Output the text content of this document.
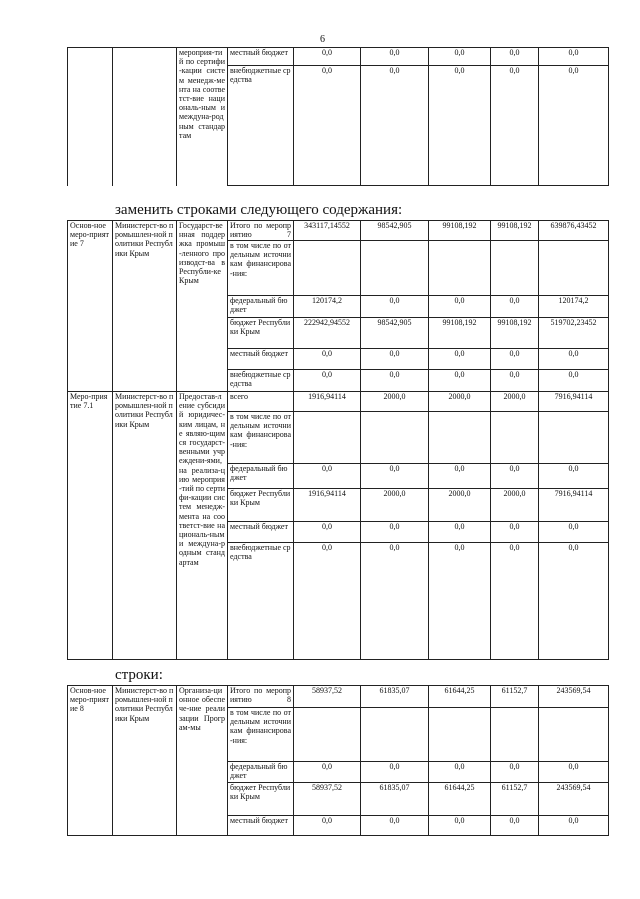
6
		мероприя-тий по сертифи-кации систем менедж-мента на соответст-вие националь-ным и междуна-родным стандартам	местный бюджет	0,0	0,0	0,0	0,0	0,0
			внебюджетные средства	0,0	0,0	0,0	0,0	0,0
заменить строками следующего содержания:
Основ-ное меро-приятие 7	Министерст-во промышлен-ной политики Республики Крым	Государст-венная поддержка промыш-ленного производст-ва в Республи-ке Крым	Итого по мероприятию 7	343117,14552	98542,905	99108,192	99108,192	639876,43452
			в том числе по отдельным источникам финансирова-ния:					
			федеральный бюджет	120174,2	0,0	0,0	0,0	120174,2
			бюджет Республики Крым	222942,94552	98542,905	99108,192	99108,192	519702,23452
			местный бюджет	0,0	0,0	0,0	0,0	0,0
			внебюджетные средства	0,0	0,0	0,0	0,0	0,0
Меро-приятие 7.1	Министерст-во промышлен-ной политики Республики Крым	Предостав-ление субсидий юридичес-ким лицам, не являю-щимся государст-венными учреждени-ями, на реализа-цию мероприя-тий по сертифи-кации систем менедж-мента на соответст-вие националь-ным и междуна-родным стандартам	всего	1916,94114	2000,0	2000,0	2000,0	7916,94114
			в том числе по отдельным источникам финансирова-ния:					
			федеральный бюджет	0,0	0,0	0,0	0,0	0,0
			бюджет Республики Крым	1916,94114	2000,0	2000,0	2000,0	7916,94114
			местный бюджет	0,0	0,0	0,0	0,0	0,0
			внебюджетные средства	0,0	0,0	0,0	0,0	0,0
строки:
Основ-ное меро-приятие 8	Министерст-во промышлен-ной политики Республики Крым	Организа-ционное обеспече-ние реализации Програм-мы	Итого по мероприятию 8	58937,52	61835,07	61644,25	61152,7	243569,54
			в том числе по отдельным источникам финансирова-ния:					
			федеральный бюджет	0,0	0,0	0,0	0,0	0,0
			бюджет Республики Крым	58937,52	61835,07	61644,25	61152,7	243569,54
			местный бюджет	0,0	0,0	0,0	0,0	0,0
